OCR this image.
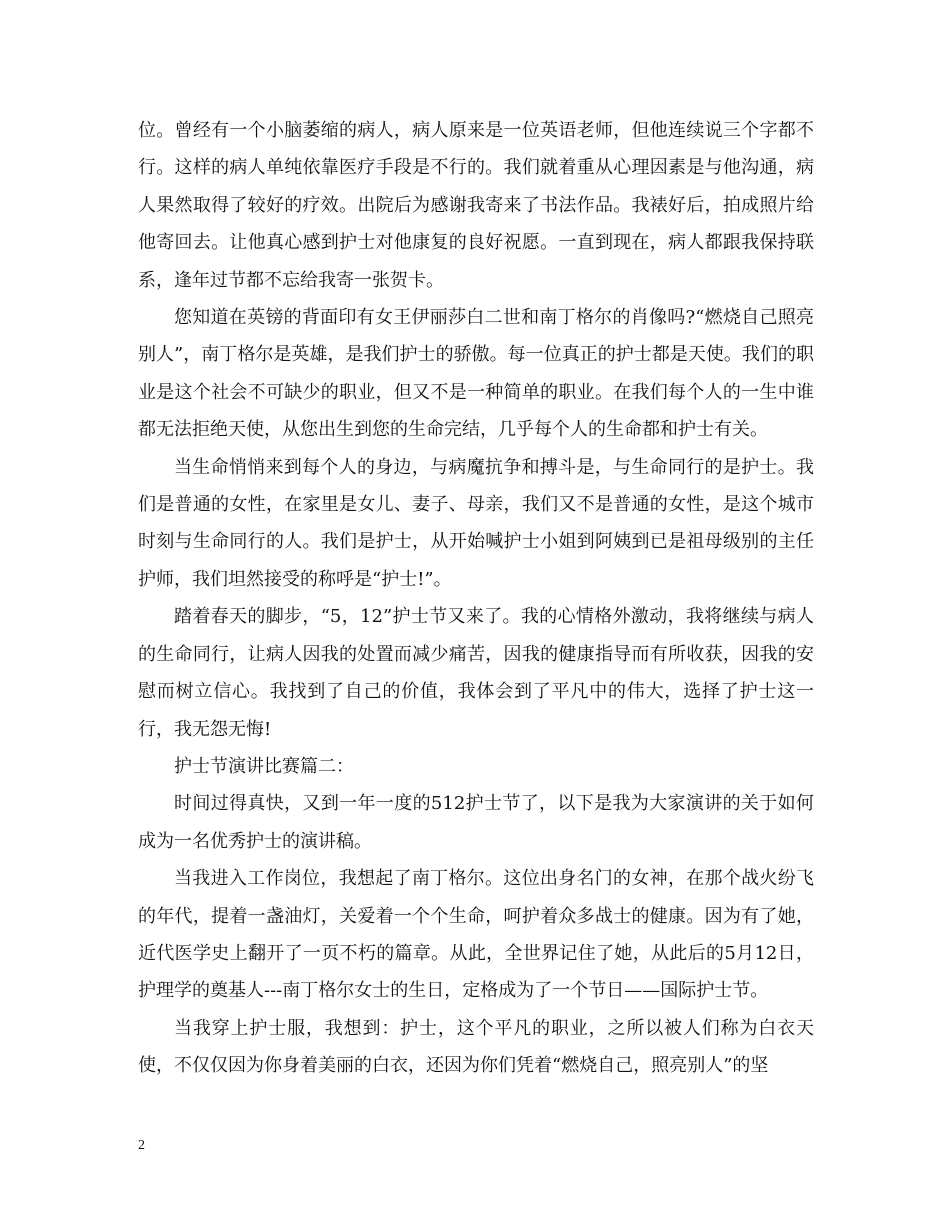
位。曾经有一个小脑萎缩的病人，病人原来是一位英语老师，但他连续说三个字都不行。这样的病人单纯依靠医疗手段是不行的。我们就着重从心理因素是与他沟通，病人果然取得了较好的疗效。出院后为感谢我寄来了书法作品。我裱好后，拍成照片给他寄回去。让他真心感到护士对他康复的良好祝愿。一直到现在，病人都跟我保持联系，逢年过节都不忘给我寄一张贺卡。

您知道在英镑的背面印有女王伊丽莎白二世和南丁格尔的肖像吗?“燃烧自己照亮别人”，南丁格尔是英雄，是我们护士的骄傲。每一位真正的护士都是天使。我们的职业是这个社会不可缺少的职业，但又不是一种简单的职业。在我们每个人的一生中谁都无法拒绝天使，从您出生到您的生命完结，几乎每个人的生命都和护士有关。

当生命悄悄来到每个人的身边，与病魔抗争和搏斗是，与生命同行的是护士。我们是普通的女性，在家里是女儿、妻子、母亲，我们又不是普通的女性，是这个城市时刻与生命同行的人。我们是护士，从开始喊护士小姐到阿姨到已是祖母级别的主任护师，我们坦然接受的称呼是“护士!”。

踏着春天的脚步，“5，12”护士节又来了。我的心情格外激动，我将继续与病人的生命同行，让病人因我的处置而减少痛苦，因我的健康指导而有所收获，因我的安慰而树立信心。我找到了自己的价值，我体会到了平凡中的伟大，选择了护士这一行，我无怨无悔!

护士节演讲比赛篇二：

时间过得真快，又到一年一度的512护士节了，以下是我为大家演讲的关于如何成为一名优秀护士的演讲稿。

当我进入工作岗位，我想起了南丁格尔。这位出身名门的女神，在那个战火纷飞的年代，提着一盏油灯，关爱着一个个生命，呵护着众多战士的健康。因为有了她，近代医学史上翻开了一页不朽的篇章。从此，全世界记住了她，从此后的5月12日，护理学的奠基人---南丁格尔女士的生日，定格成为了一个节日——国际护士节。

当我穿上护士服，我想到：护士，这个平凡的职业，之所以被人们称为白衣天使，不仅仅因为你身着美丽的白衣，还因为你们凭着“燃烧自己，照亮别人”的坚

2
